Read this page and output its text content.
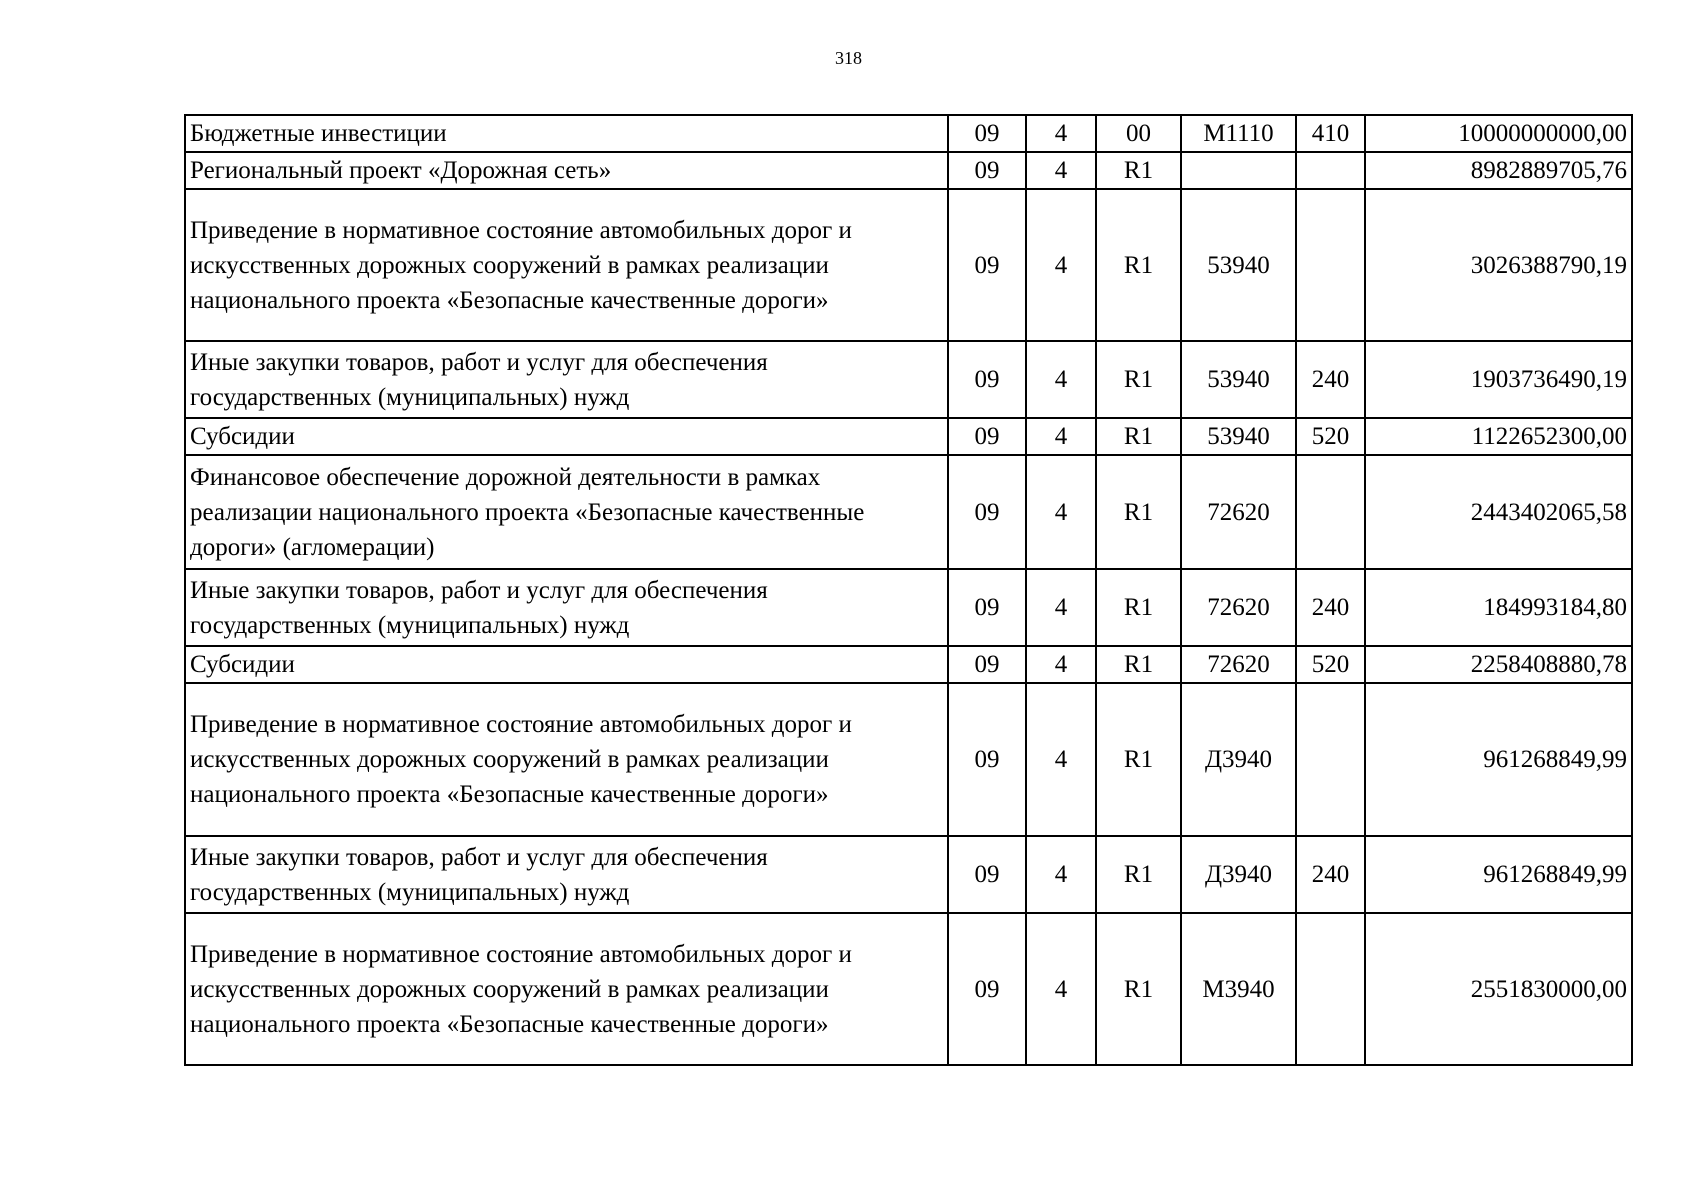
318
Бюджетные инвестиции	09	4	00	М1110	410	10000000000,00
Региональный проект «Дорожная сеть»	09	4	R1			8982889705,76
Приведение в нормативное состояние автомобильных дорог и искусственных дорожных сооружений в рамках реализации национального проекта «Безопасные качественные дороги»	09	4	R1	53940		3026388790,19
Иные закупки товаров, работ и услуг для обеспечения государственных (муниципальных) нужд	09	4	R1	53940	240	1903736490,19
Субсидии	09	4	R1	53940	520	1122652300,00
Финансовое обеспечение дорожной деятельности в рамках реализации национального проекта «Безопасные качественные дороги» (агломерации)	09	4	R1	72620		2443402065,58
Иные закупки товаров, работ и услуг для обеспечения государственных (муниципальных) нужд	09	4	R1	72620	240	184993184,80
Субсидии	09	4	R1	72620	520	2258408880,78
Приведение в нормативное состояние автомобильных дорог и искусственных дорожных сооружений в рамках реализации национального проекта «Безопасные качественные дороги»	09	4	R1	Д3940		961268849,99
Иные закупки товаров, работ и услуг для обеспечения государственных (муниципальных) нужд	09	4	R1	Д3940	240	961268849,99
Приведение в нормативное состояние автомобильных дорог и искусственных дорожных сооружений в рамках реализации национального проекта «Безопасные качественные дороги»	09	4	R1	М3940		2551830000,00
